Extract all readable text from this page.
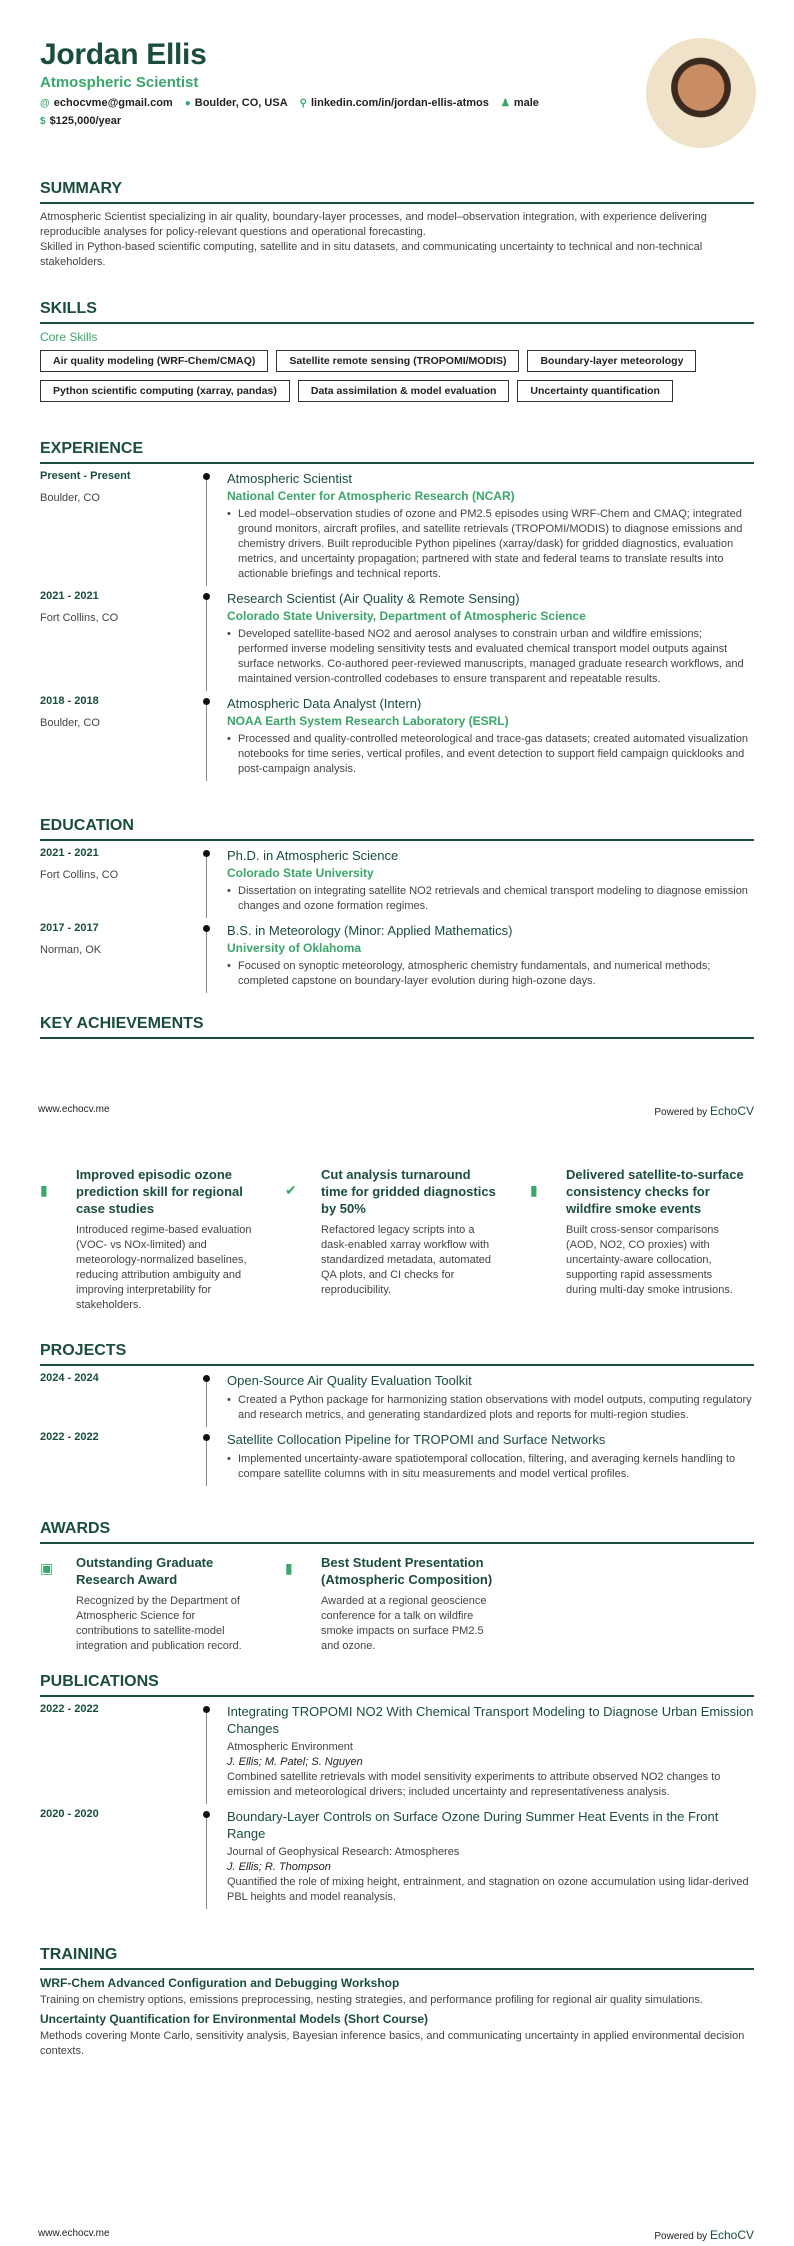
Jordan Ellis
Atmospheric Scientist
@ echocvme@gmail.com ● Boulder, CO, USA ⚲ linkedin.com/in/jordan-ellis-atmos ♟ male
$ $125,000/year
SUMMARY

Atmospheric Scientist specializing in air quality, boundary-layer processes, and model–observation integration, with experience delivering reproducible analyses for policy-relevant questions and operational forecasting.

Skilled in Python-based scientific computing, satellite and in situ datasets, and communicating uncertainty to technical and non-technical stakeholders.

SKILLS
Core Skills
Air quality modeling (WRF-Chem/CMAQ)	Satellite remote sensing (TROPOMI/MODIS)	Boundary-layer meteorology
Python scientific computing (xarray, pandas)	Data assimilation & model evaluation	Uncertainty quantification
EXPERIENCE
Present - Present
Boulder, CO
Atmospheric Scientist
National Center for Atmospheric Research (NCAR)
• Led model–observation studies of ozone and PM2.5 episodes using WRF-Chem and CMAQ; integrated ground monitors, aircraft profiles, and satellite retrievals (TROPOMI/MODIS) to diagnose emissions and chemistry drivers. Built reproducible Python pipelines (xarray/dask) for gridded diagnostics, evaluation metrics, and uncertainty propagation; partnered with state and federal teams to translate results into actionable briefings and technical reports.
2021 - 2021
Fort Collins, CO
Research Scientist (Air Quality & Remote Sensing)
Colorado State University, Department of Atmospheric Science
• Developed satellite-based NO2 and aerosol analyses to constrain urban and wildfire emissions; performed inverse modeling sensitivity tests and evaluated chemical transport model outputs against surface networks. Co-authored peer-reviewed manuscripts, managed graduate research workflows, and maintained version-controlled codebases to ensure transparent and repeatable results.
2018 - 2018
Boulder, CO
Atmospheric Data Analyst (Intern)
NOAA Earth System Research Laboratory (ESRL)
• Processed and quality-controlled meteorological and trace-gas datasets; created automated visualization notebooks for time series, vertical profiles, and event detection to support field campaign quicklooks and post-campaign analysis.
EDUCATION
2021 - 2021
Fort Collins, CO
Ph.D. in Atmospheric Science
Colorado State University
• Dissertation on integrating satellite NO2 retrievals and chemical transport modeling to diagnose emission changes and ozone formation regimes.
2017 - 2017
Norman, OK
B.S. in Meteorology (Minor: Applied Mathematics)
University of Oklahoma
• Focused on synoptic meteorology, atmospheric chemistry fundamentals, and numerical methods; completed capstone on boundary-layer evolution during high-ozone days.
KEY ACHIEVEMENTS
www.echocv.me	Powered by EchoCV
▮
Improved episodic ozone prediction skill for regional case studies

Introduced regime-based evaluation (VOC- vs NOx-limited) and meteorology-normalized baselines, reducing attribution ambiguity and improving interpretability for stakeholders.

✔
Cut analysis turnaround time for gridded diagnostics by 50%

Refactored legacy scripts into a dask-enabled xarray workflow with standardized metadata, automated QA plots, and CI checks for reproducibility.

▮
Delivered satellite-to-surface consistency checks for wildfire smoke events

Built cross-sensor comparisons (AOD, NO2, CO proxies) with uncertainty-aware collocation, supporting rapid assessments during multi-day smoke intrusions.

PROJECTS
2024 - 2024	Open-Source Air Quality Evaluation Toolkit
• Created a Python package for harmonizing station observations with model outputs, computing regulatory and research metrics, and generating standardized plots and reports for multi-region studies.
2022 - 2022	Satellite Collocation Pipeline for TROPOMI and Surface Networks
• Implemented uncertainty-aware spatiotemporal collocation, filtering, and averaging kernels handling to compare satellite columns with in situ measurements and model vertical profiles.
AWARDS
▣	Outstanding Graduate Research Award

Recognized by the Department of Atmospheric Science for contributions to satellite-model integration and publication record.

▮	Best Student Presentation (Atmospheric Composition)

Awarded at a regional geoscience conference for a talk on wildfire smoke impacts on surface PM2.5 and ozone.

PUBLICATIONS
2022 - 2022	Integrating TROPOMI NO2 With Chemical Transport Modeling to Diagnose Urban Emission Changes
Atmospheric Environment
J. Ellis; M. Patel; S. Nguyen
Combined satellite retrievals with model sensitivity experiments to attribute observed NO2 changes to emission and meteorological drivers; included uncertainty and representativeness analysis.
2020 - 2020	Boundary-Layer Controls on Surface Ozone During Summer Heat Events in the Front Range
Journal of Geophysical Research: Atmospheres
J. Ellis; R. Thompson
Quantified the role of mixing height, entrainment, and stagnation on ozone accumulation using lidar-derived PBL heights and model reanalysis.
TRAINING
WRF-Chem Advanced Configuration and Debugging Workshop
Training on chemistry options, emissions preprocessing, nesting strategies, and performance profiling for regional air quality simulations.
Uncertainty Quantification for Environmental Models (Short Course)
Methods covering Monte Carlo, sensitivity analysis, Bayesian inference basics, and communicating uncertainty in applied environmental decision contexts.
www.echocv.me	Powered by EchoCV
